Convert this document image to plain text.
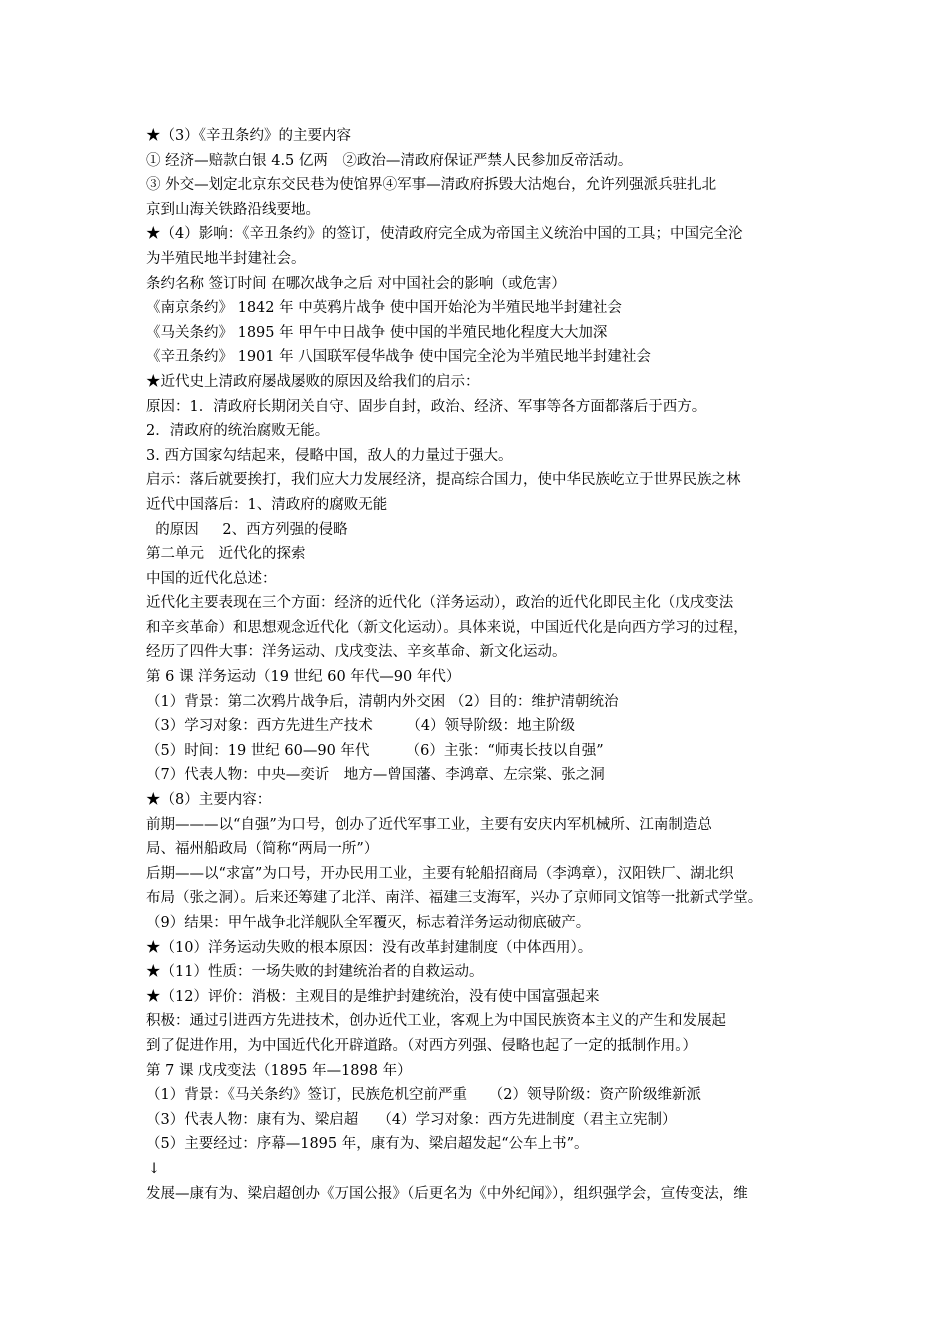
★（3）《辛丑条约》的主要内容
① 经济—赔款白银 4.5 亿两　②政治—清政府保证严禁人民参加反帝活动。
③ 外交—划定北京东交民巷为使馆界④军事—清政府拆毁大沽炮台，允许列强派兵驻扎北
京到山海关铁路沿线要地。
★（4）影响：《辛丑条约》的签订，使清政府完全成为帝国主义统治中国的工具；中国完全沦
为半殖民地半封建社会。
条约名称 签订时间 在哪次战争之后 对中国社会的影响（或危害）
《南京条约》 1842 年 中英鸦片战争 使中国开始沦为半殖民地半封建社会
《马关条约》 1895 年 甲午中日战争 使中国的半殖民地化程度大大加深
《辛丑条约》 1901 年 八国联军侵华战争 使中国完全沦为半殖民地半封建社会
★近代史上清政府屡战屡败的原因及给我们的启示：
原因：1．清政府长期闭关自守、固步自封，政治、经济、军事等各方面都落后于西方。
2．清政府的统治腐败无能。
3. 西方国家勾结起来，侵略中国，敌人的力量过于强大。
启示：落后就要挨打，我们应大力发展经济，提高综合国力，使中华民族屹立于世界民族之林
近代中国落后：1、清政府的腐败无能
的原因　  2、西方列强的侵略
第二单元　近代化的探索
中国的近代化总述：
近代化主要表现在三个方面：经济的近代化（洋务运动），政治的近代化即民主化（戊戌变法
和辛亥革命）和思想观念近代化（新文化运动）。具体来说，中国近代化是向西方学习的过程，
经历了四件大事：洋务运动、戊戌变法、辛亥革命、新文化运动。
第 6 课 洋务运动（19 世纪 60 年代—90 年代）
（1）背景：第二次鸦片战争后，清朝内外交困 （2）目的：维护清朝统治
（3）学习对象：西方先进生产技术　　 （4）领导阶级：地主阶级
（5）时间：19 世纪 60—90 年代　　　（6）主张：“师夷长技以自强”
（7）代表人物：中央—奕䜣　地方—曾国藩、李鸿章、左宗棠、张之洞
★（8）主要内容：
前期———以“自强”为口号，创办了近代军事工业，主要有安庆内军机械所、江南制造总
局、福州船政局（简称“两局一所”）
后期——以“求富”为口号，开办民用工业，主要有轮船招商局（李鸿章），汉阳铁厂、湖北织
布局（张之洞）。后来还筹建了北洋、南洋、福建三支海军，兴办了京师同文馆等一批新式学堂。
（9）结果：甲午战争北洋舰队全军覆灭，标志着洋务运动彻底破产。
★（10）洋务运动失败的根本原因：没有改革封建制度（中体西用）。
★（11）性质：一场失败的封建统治者的自救运动。
★（12）评价：消极：主观目的是维护封建统治，没有使中国富强起来
积极：通过引进西方先进技术，创办近代工业，客观上为中国民族资本主义的产生和发展起
到了促进作用，为中国近代化开辟道路。（对西方列强、侵略也起了一定的抵制作用。）
第 7 课 戊戌变法（1895 年—1898 年）
（1）背景：《马关条约》签订，民族危机空前严重　　（2）领导阶级：资产阶级维新派
（3）代表人物：康有为、梁启超　 （4）学习对象：西方先进制度（君主立宪制）
（5）主要经过：序幕—1895 年，康有为、梁启超发起“公车上书”。
↓
发展—康有为、梁启超创办《万国公报》（后更名为《中外纪闻》），组织强学会，宣传变法，维
